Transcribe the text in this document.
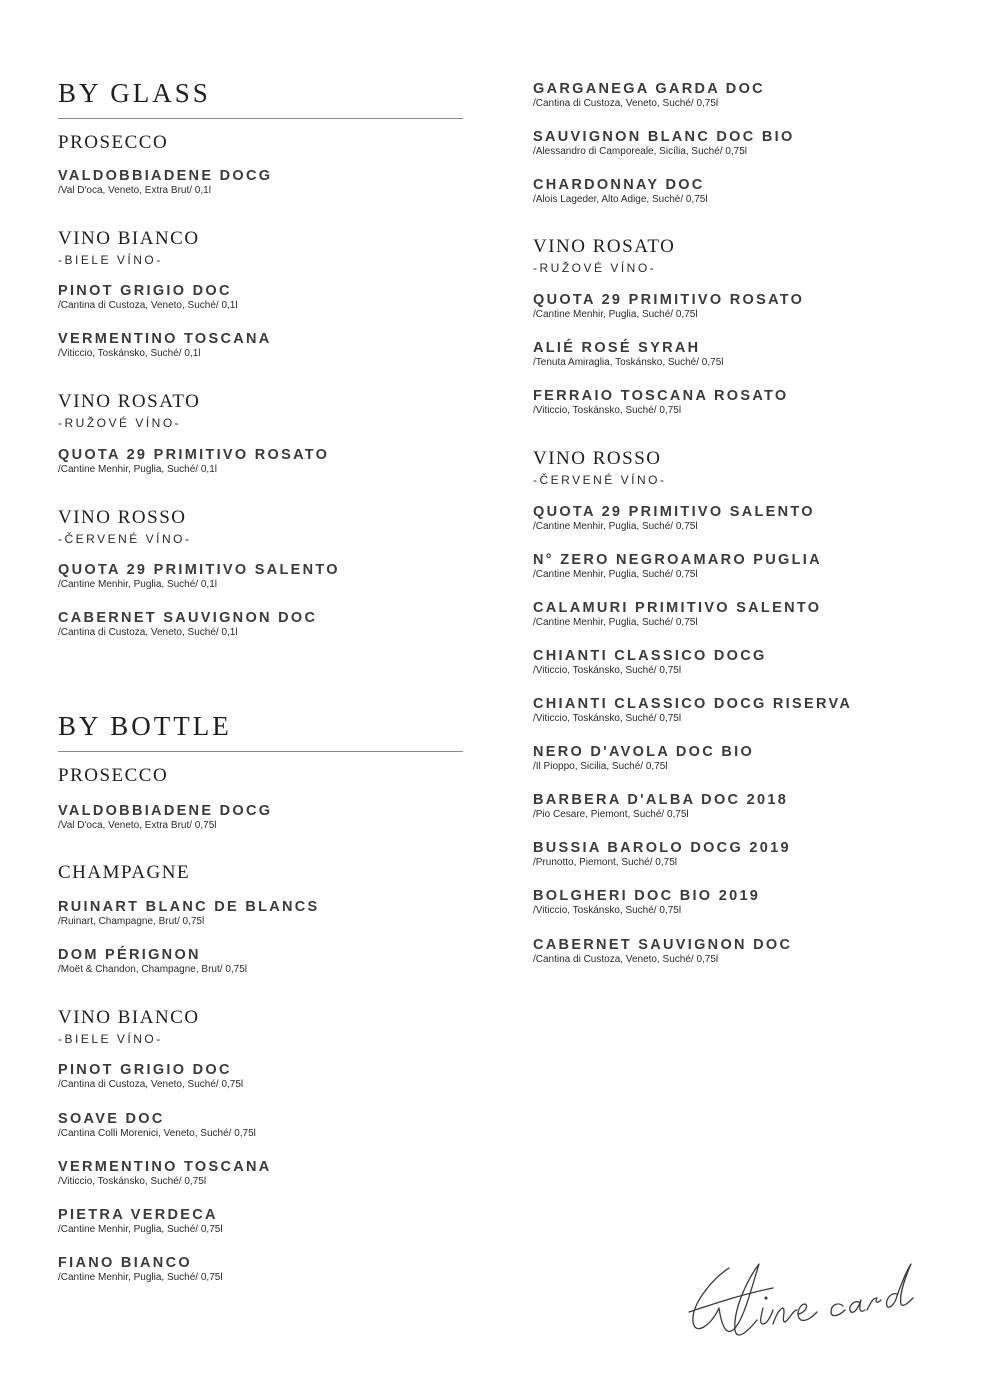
BY GLASS
PROSECCO
VALDOBBIADENE DOCG
/Val D'oca, Veneto, Extra Brut/ 0,1l
VINO BIANCO
-BIELE VÍNO-
PINOT GRIGIO DOC
/Cantina di Custoza, Veneto, Suché/ 0,1l
VERMENTINO TOSCANA
/Viticcio, Toskánsko, Suché/ 0,1l
VINO ROSATO
-RUŽOVÉ VÍNO-
QUOTA 29 PRIMITIVO ROSATO
/Cantine Menhir, Puglia, Suché/ 0,1l
VINO ROSSO
-ČERVENÉ VÍNO-
QUOTA 29 PRIMITIVO SALENTO
/Cantine Menhir, Puglia, Suché/ 0,1l
CABERNET SAUVIGNON DOC
/Cantina di Custoza, Veneto, Suché/ 0,1l
BY BOTTLE
PROSECCO
VALDOBBIADENE DOCG
/Val D'oca, Veneto, Extra Brut/ 0,75l
CHAMPAGNE
RUINART BLANC DE BLANCS
/Ruinart, Champagne, Brut/ 0,75l
DOM PÉRIGNON
/Moët & Chandon, Champagne, Brut/ 0,75l
VINO BIANCO
-BIELE VÍNO-
PINOT GRIGIO DOC
/Cantina di Custoza, Veneto, Suché/ 0,75l
SOAVE DOC
/Cantina Colli Morenici, Veneto, Suché/ 0,75l
VERMENTINO TOSCANA
/Viticcio, Toskánsko, Suché/ 0,75l
PIETRA VERDECA
/Cantine Menhir, Puglia, Suché/ 0,75l
FIANO BIANCO
/Cantine Menhir, Puglia, Suché/ 0,75l
GARGANEGA GARDA DOC
/Cantina di Custoza, Veneto, Suché/ 0,75l
SAUVIGNON BLANC DOC BIO
/Alessandro di Camporeale, Sicília, Suché/ 0,75l
CHARDONNAY DOC
/Alois Lageder, Alto Adige, Suché/ 0,75l
VINO ROSATO
-RUŽOVÉ VÍNO-
QUOTA 29 PRIMITIVO ROSATO
/Cantine Menhir, Puglia, Suché/ 0,75l
ALIÉ ROSÉ SYRAH
/Tenuta Amiraglia, Toskánsko, Suché/ 0,75l
FERRAIO TOSCANA ROSATO
/Viticcio, Toskánsko, Suché/ 0,75l
VINO ROSSO
-ČERVENÉ VÍNO-
QUOTA 29 PRIMITIVO SALENTO
/Cantine Menhir, Puglia, Suché/ 0,75l
N° ZERO NEGROAMARO PUGLIA
/Cantine Menhir, Puglia, Suché/ 0,75l
CALAMURI PRIMITIVO SALENTO
/Cantine Menhir, Puglia, Suché/ 0,75l
CHIANTI CLASSICO DOCG
/Viticcio, Toskánsko, Suché/ 0,75l
CHIANTI CLASSICO DOCG RISERVA
/Viticcio, Toskánsko, Suché/ 0,75l
NERO D'AVOLA DOC BIO
/Il Pioppo, Sicilia, Suché/ 0,75l
BARBERA D'ALBA DOC 2018
/Pio Cesare, Piemont, Suché/ 0,75l
BUSSIA BAROLO DOCG 2019
/Prunotto, Piemont, Suché/ 0,75l
BOLGHERI DOC BIO 2019
/Viticcio, Toskánsko, Suché/ 0,75l
CABERNET SAUVIGNON DOC
/Cantina di Custoza, Veneto, Suché/ 0,75l
